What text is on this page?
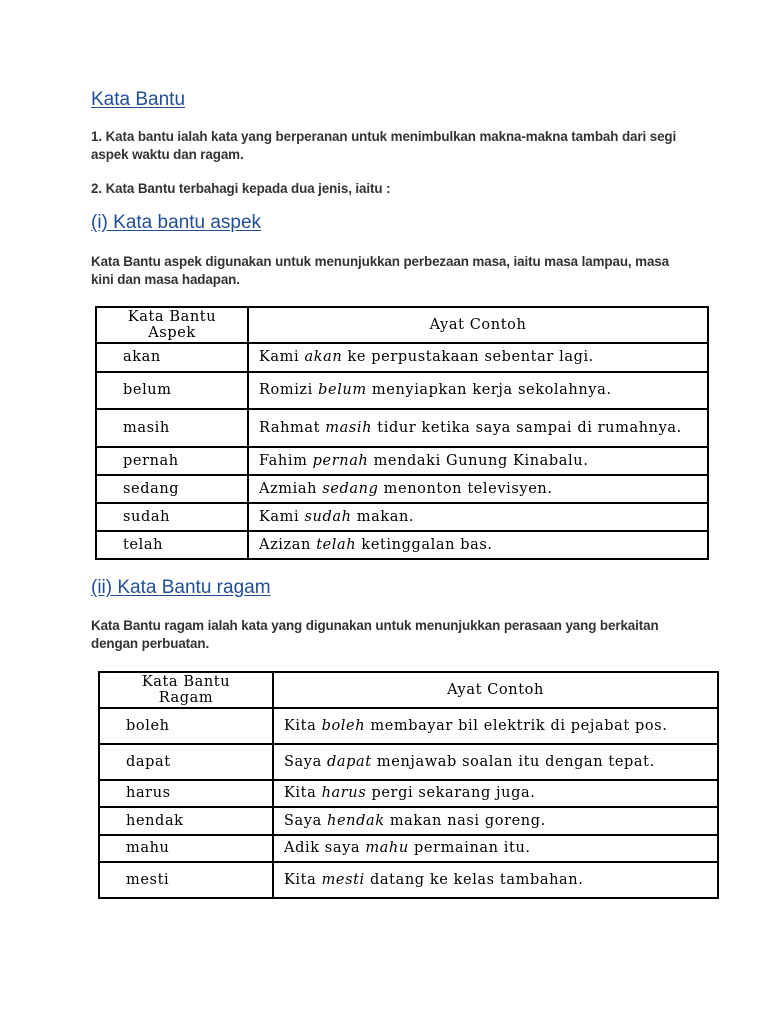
Kata Bantu

1. Kata bantu ialah kata yang berperanan untuk menimbulkan makna-makna tambah dari segi aspek waktu dan ragam.

2. Kata Bantu terbahagi kepada dua jenis, iaitu :

(i) Kata bantu aspek

Kata Bantu aspek digunakan untuk menunjukkan perbezaan masa, iaitu masa lampau, masa kini dan masa hadapan.

Kata Bantu
Aspek	Ayat Contoh
akan	Kami akan ke perpustakaan sebentar lagi.
belum	Romizi belum menyiapkan kerja sekolahnya.
masih	Rahmat masih tidur ketika saya sampai di rumahnya.
pernah	Fahim pernah mendaki Gunung Kinabalu.
sedang	Azmiah sedang menonton televisyen.
sudah	Kami sudah makan.
telah	Azizan telah ketinggalan bas.
(ii) Kata Bantu ragam

Kata Bantu ragam ialah kata yang digunakan untuk menunjukkan perasaan yang berkaitan dengan perbuatan.

Kata Bantu
Ragam	Ayat Contoh
boleh	Kita boleh membayar bil elektrik di pejabat pos.
dapat	Saya dapat menjawab soalan itu dengan tepat.
harus	Kita harus pergi sekarang juga.
hendak	Saya hendak makan nasi goreng.
mahu	Adik saya mahu permainan itu.
mesti	Kita mesti datang ke kelas tambahan.
